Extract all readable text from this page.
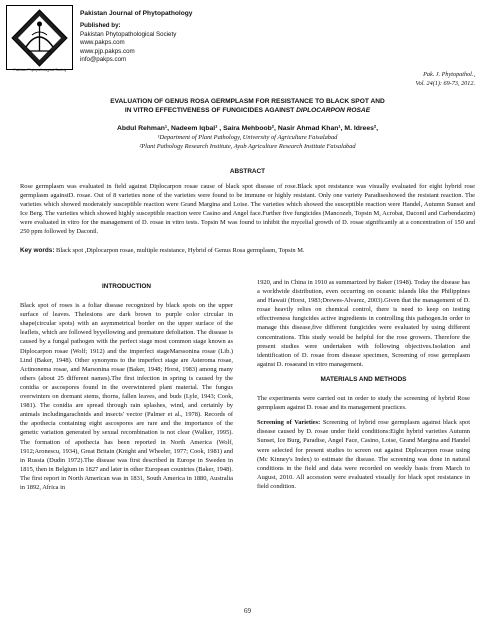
Pakistan Phytopathological Society
Pakistan Journal of Phytopathology
Published by:
Pakistan Phytopathological Society
www.pakps.com
www.pjp.pakps.com
info@pakps.com
Pak. J. Phytopathol.,
Vol. 24(1): 69-73, 2012.
EVALUATION OF GENUS ROSA GERMPLASM FOR RESISTANCE TO BLACK SPOT AND
IN VITRO EFFECTIVENESS OF FUNGICIDES AGAINST DIPLOCARPON ROSAE
Abdul Rehman¹, Nadeem Iqbal¹ , Saira Mehboob², Nasir Ahmad Khan¹, M. Idrees²,
¹Department of Plant Pathology, University of Agriculture Faisalabad
²Plant Pathology Research Institute, Ayub Agriculture Research Institute Faisalabad
ABSTRACT
Rose germplasm was evaluated in field against Diplocarpon rosae cause of black spot disease of rose.Black spot resistance was visually evaluated for eight hybrid rose germplasm againstD. rosae. Out of 8 varieties none of the varieties were found to be immune or highly resistant. Only one variety Paradiseshowed the resistant reaction. The varieties which showed moderately susceptible reaction were Grand Margina and Loise. The varieties which showed the susceptible reaction were Handel, Autumn Sunset and Ice Berg. The varieties which showed highly susceptible reaction were Casino and Angel face.Further five fungicides (Mancozeb, Topsin M, Acrobat, Daconil and Carbendazim) were evaluated in vitro for the management of D. rosae in vitro tests. Topsin M was found to inhibit the mycelial growth of D. rosae significantly at a concentration of 150 and 250 ppm followed by Daconil.
Key words: Black spot ,Diplocarpon rosae, multiple resistance, Hybrid of Genus Rosa germplasm, Topsin M.
INTRODUCTION

Black spot of roses is a foliar disease recognized by black spots on the upper surface of leaves. Thelesions are dark brown to purple color circular in shape(circular spots) with an asymmetrical border on the upper surface of the leaflets, which are followed byyellowing and premature defoliation. The disease is caused by a fungal pathogen with the perfect stage most common stage known as Diplocarpon rosae (Wolf; 1912) and the imperfect stageMarssonina rosae (Lib.) Lind (Baker, 1948). Other synonyms to the imperfect stage are Asteroma rosae, Actinonema rosae, and Marsonina rosae (Baker, 1948; Horst, 1983) among many others (about 25 different names).The first infection in spring is caused by the conidia or ascospores found in the overwintered plant material. The fungus overwinters on dormant stems, thorns, fallen leaves, and buds (Lyle, 1943; Cook, 1981). The conidia are spread through rain splashes, wind, and certainly by animals includingarachnids and insects' vector (Palmer et al., 1978). Records of the apothecia containing eight ascospores are rare and the importance of the genetic variation generated by sexual recombination is not clear (Walker, 1995). The formation of apothecia has been reported in North America (Wolf, 1912;Aronescu, 1934), Great Britain (Knight and Wheeler, 1977; Cook, 1981) and in Russia (Dudin 1972).The disease was first described in Europe in Sweden in 1815, then in Belgium in 1827 and later in other European countries (Baker, 1948). The first report in North American was in 1831, South America in 1880, Australia in 1892, Africa in

1920, and in China in 1910 as summarized by Baker (1948). Today the disease has a worldwide distribution, even occurring on oceanic islands like the Philippines and Hawaii (Horst, 1983;Drewes-Alvarez, 2003).Given that the management of D. rosae heavily relies on chemical control, there is need to keep on testing effectiveness fungicides active ingredients in controlling this pathogen.In order to manage this disease,five different fungicides were evaluated by using different concentrations. This study would be helpful for the rose growers. Therefore the present studies were undertaken with following objectives.Isolation and identification of D. rosae from disease specimen, Screening of rose germplasm against D. rosaeand in vitro management.

MATERIALS AND METHODS

The experiments were carried out in order to study the screening of hybrid Rose germplasm against D. rosae and its management practices.

Screening of Varieties: Screening of hybrid rose germplasm against black spot disease caused by D. rosae under field conditions:Eight hybrid varieties Autumn Sunset, Ice Burg, Paradise, Angel Face, Casino, Loise, Grand Margina and Handel were selected for present studies to screen out against Diplocarpon rosae using (Mc Kinney's Index) to estimate the disease. The screening was done in natural conditions in the field and data were recorded on weekly basis from March to August, 2010. All accession were evaluated visually for black spot resistance in field condition.

69
